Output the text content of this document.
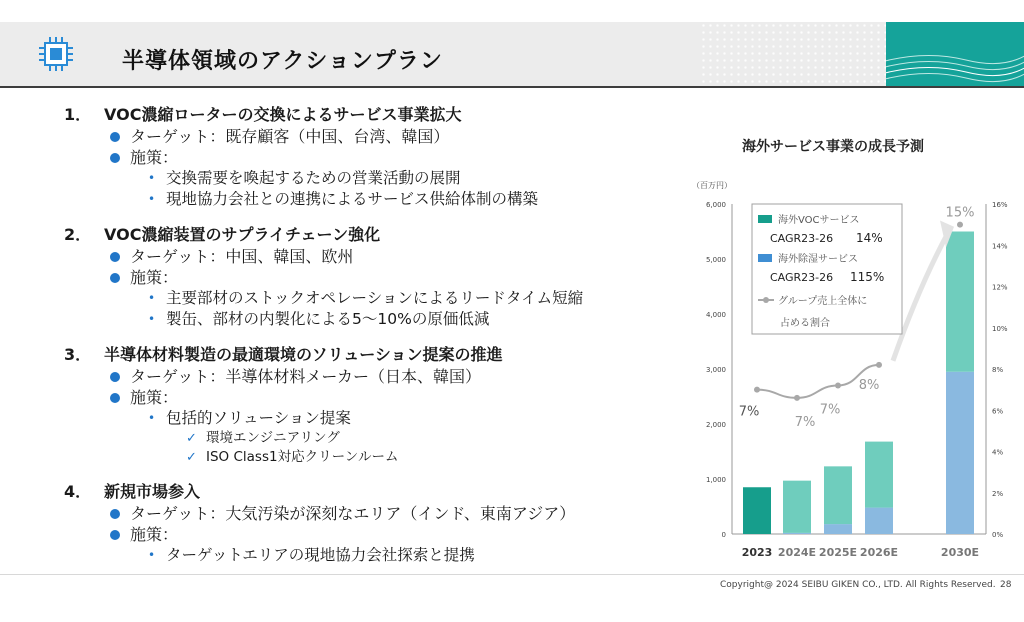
半導体領域のアクションプラン
1． VOC濃縮ローターの交換によるサービス事業拡大
ターゲット：既存顧客（中国、台湾、韓国）
施策：
• 交換需要を喚起するための営業活動の展開
• 現地協力会社との連携によるサービス供給体制の構築
2． VOC濃縮装置のサプライチェーン強化
ターゲット：中国、韓国、欧州
施策：
• 主要部材のストックオペレーションによるリードタイム短縮
• 製缶、部材の内製化による5～10%の原価低減
3． 半導体材料製造の最適環境のソリューション提案の推進
ターゲット：半導体材料メーカー（日本、韓国）
施策：
• 包括的ソリューション提案
✓ 環境エンジニアリング
✓ ISO Class1対応クリーンルーム
4． 新規市場参入
ターゲット：大気汚染が深刻なエリア（インド、東南アジア）
施策：
• ターゲットエリアの現地協力会社探索と提携
海外サービス事業の成長予測
（百万円）
0
1,000
2,000
3,000
4,000
5,000
6,000
0%
2%
4%
6%
8%
10%
12%
14%
16%
2023 2024E 2025E 2026E	2030E
7%
7%
7%
8%
15%
海外VOCサービス
CAGR23-26 14%
海外除湿サービス
CAGR23-26 115%
グループ売上全体に
占める割合
Copyright@ 2024 SEIBU GIKEN CO., LTD. All Rights Reserved. 28
